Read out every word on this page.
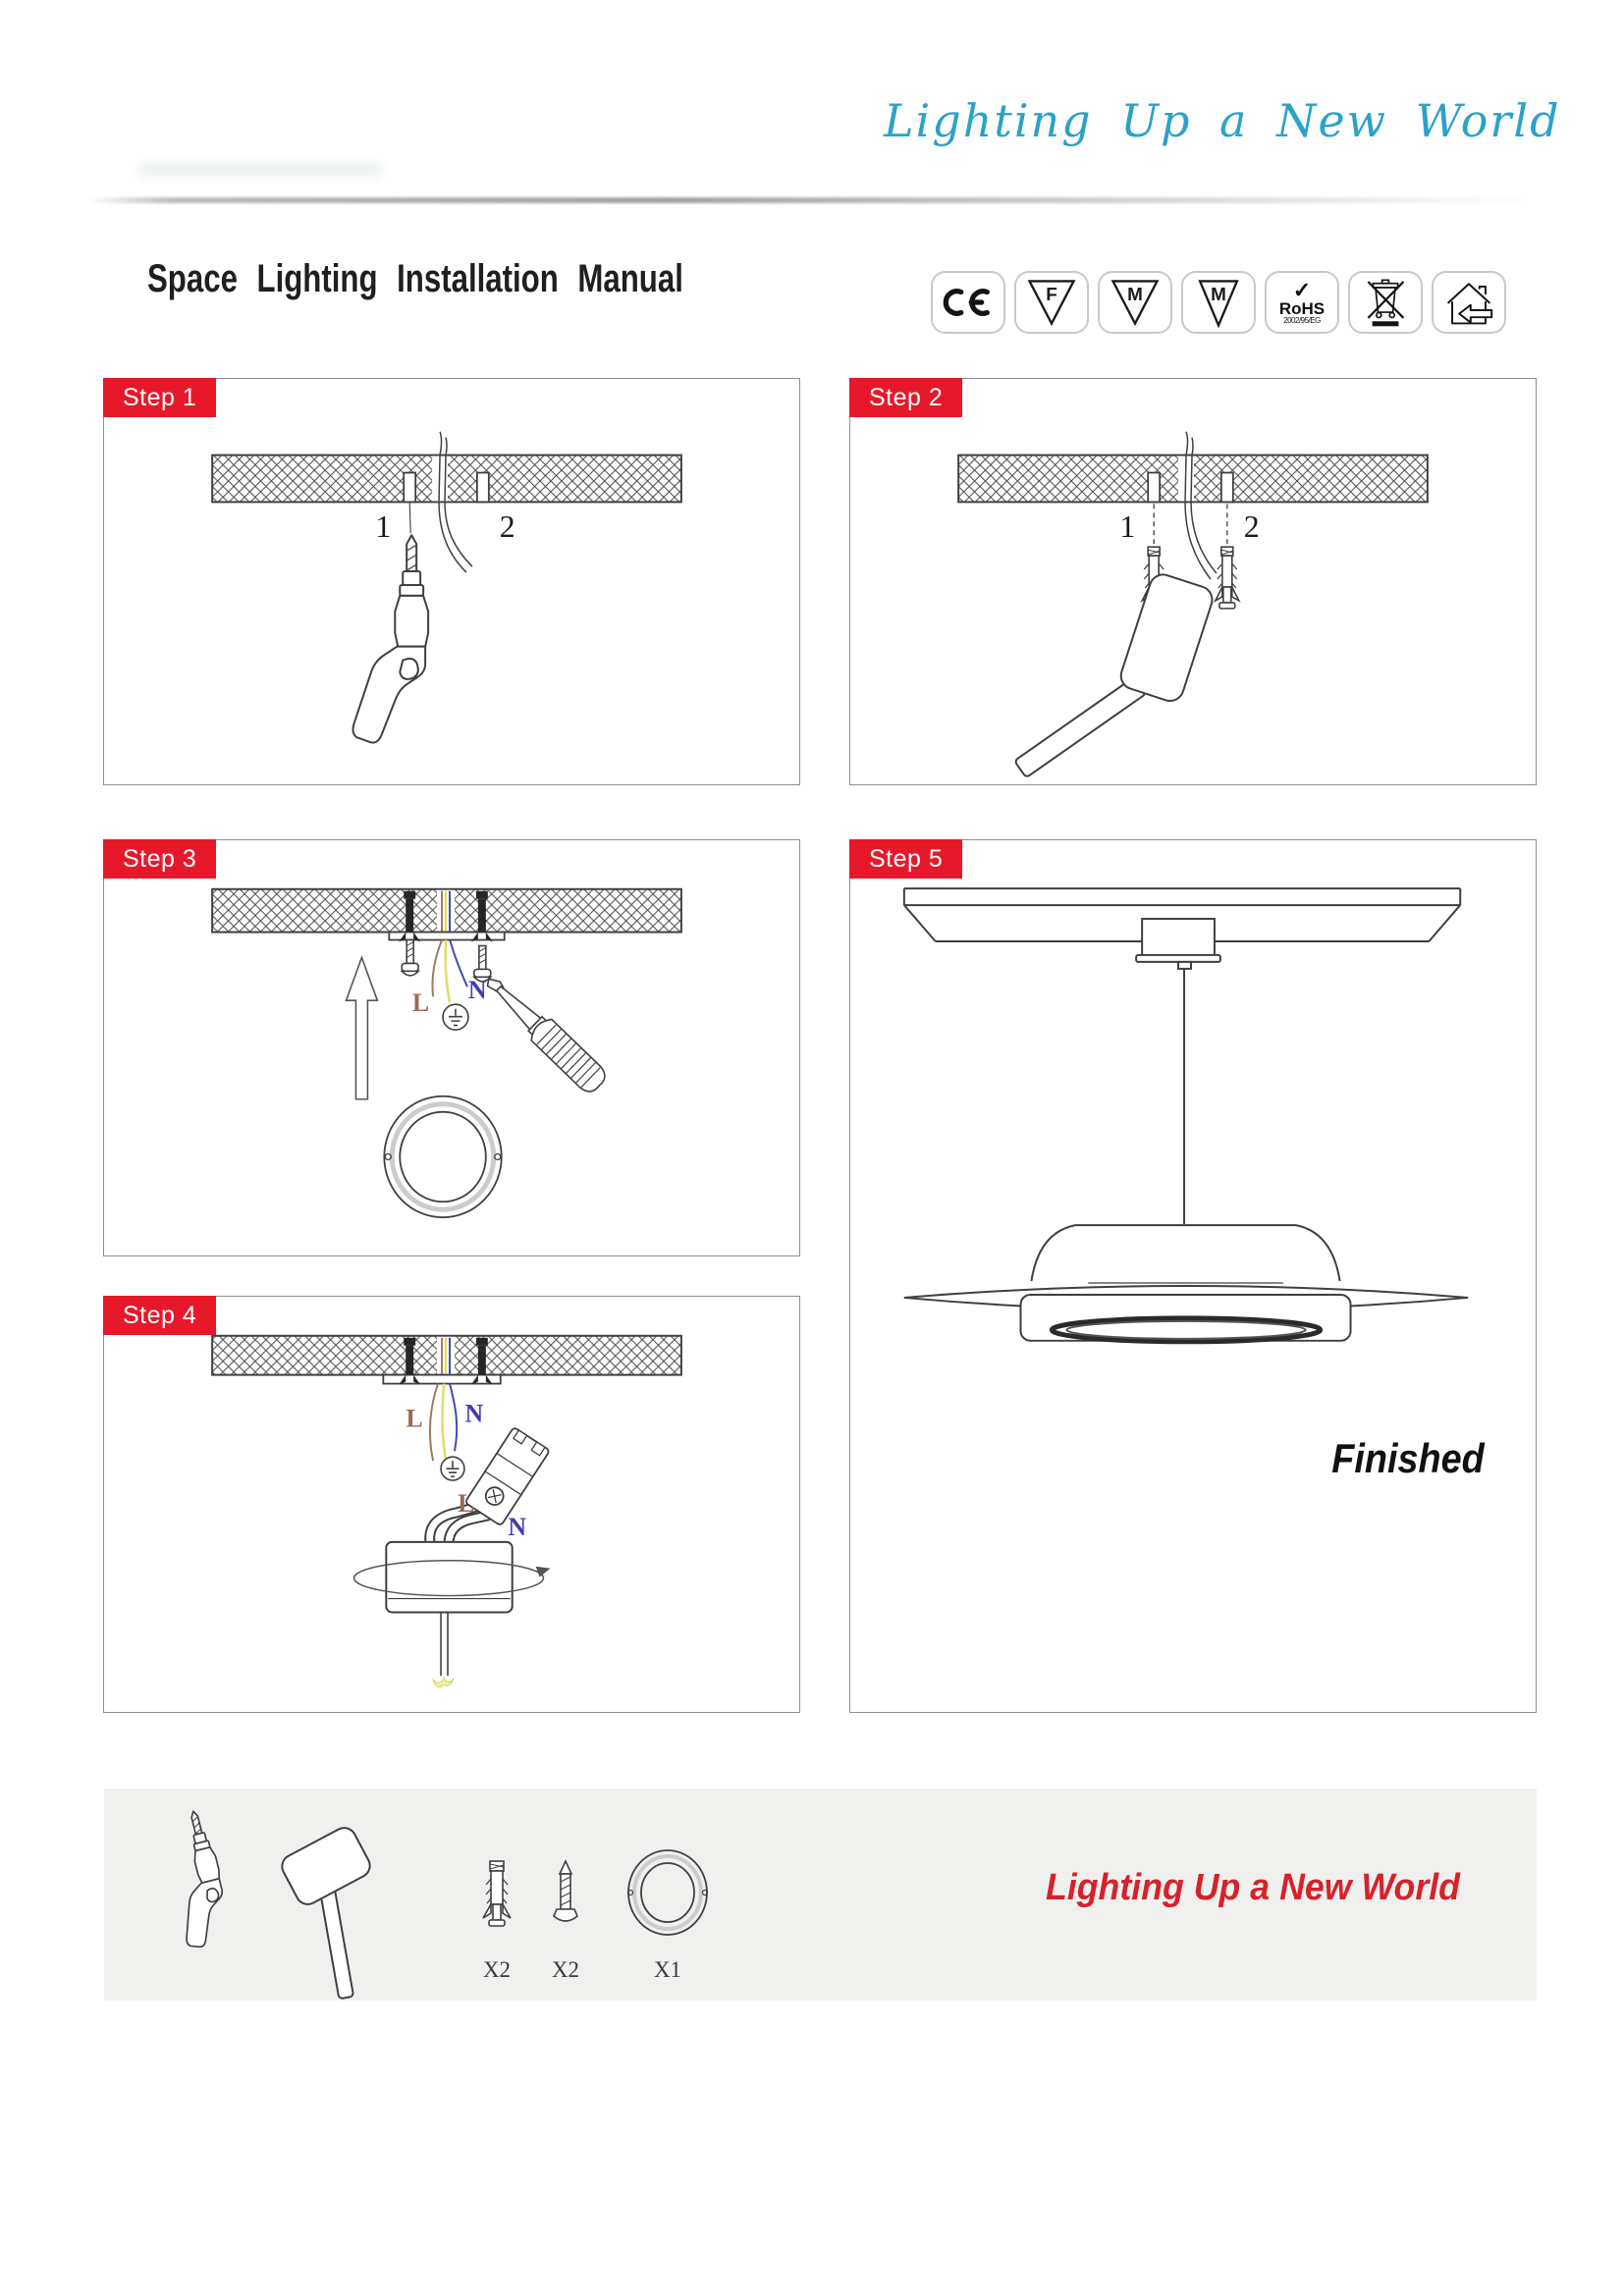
Lighting Up a New World
Space Lighting Installation Manual	F	M	M	✓
RoHS
2002/95/EG
Step 1
1	2
Step 2
1	2
Step 3
L N
Step 4
L N
L
N
Step 5
Finished
X2 X2	X1
Lighting Up a New World
